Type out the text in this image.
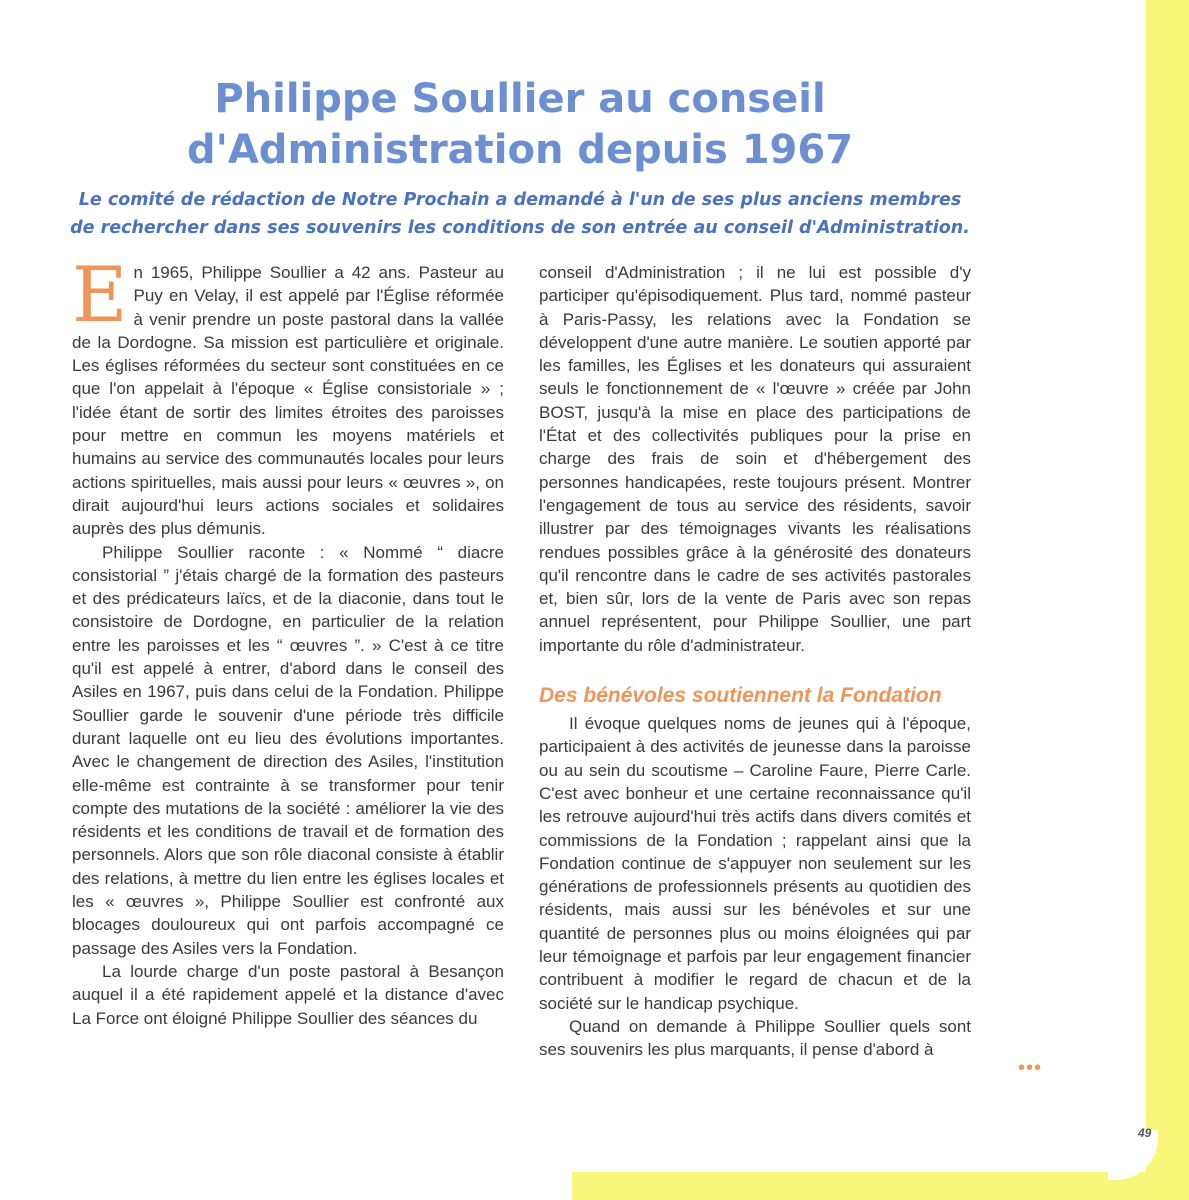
Philippe Soullier au conseil
d'Administration depuis 1967

Le comité de rédaction de Notre Prochain a demandé à l'un de ses plus anciens membres
de rechercher dans ses souvenirs les conditions de son entrée au conseil d'Administration.

En 1965, Philippe Soullier a 42 ans. Pasteur au Puy en Velay, il est appelé par l'Église réformée à venir prendre un poste pastoral dans la vallée de la Dordogne. Sa mission est particulière et originale. Les églises réformées du secteur sont constituées en ce que l'on appelait à l'époque « Église consistoriale » ; l'idée étant de sortir des limites étroites des paroisses pour mettre en commun les moyens matériels et humains au service des communautés locales pour leurs actions spirituelles, mais aussi pour leurs « œuvres », on dirait aujourd'hui leurs actions sociales et solidaires auprès des plus démunis.

Philippe Soullier raconte : « Nommé “ diacre consistorial ” j'étais chargé de la formation des pasteurs et des prédicateurs laïcs, et de la diaconie, dans tout le consistoire de Dordogne, en particulier de la relation entre les paroisses et les “ œuvres ”. » C'est à ce titre qu'il est appelé à entrer, d'abord dans le conseil des Asiles en 1967, puis dans celui de la Fondation. Philippe Soullier garde le souvenir d'une période très difficile durant laquelle ont eu lieu des évolutions importantes. Avec le changement de direction des Asiles, l'institution elle-même est contrainte à se transformer pour tenir compte des mutations de la société : améliorer la vie des résidents et les conditions de travail et de formation des personnels. Alors que son rôle diaconal consiste à établir des relations, à mettre du lien entre les églises locales et les « œuvres », Philippe Soullier est confronté aux blocages douloureux qui ont parfois accompagné ce passage des Asiles vers la Fondation.

La lourde charge d'un poste pastoral à Besançon auquel il a été rapidement appelé et la distance d'avec La Force ont éloigné Philippe Soullier des séances du

conseil d'Administration ; il ne lui est possible d'y participer qu'épisodiquement. Plus tard, nommé pasteur à Paris-Passy, les relations avec la Fondation se développent d'une autre manière. Le soutien apporté par les familles, les Églises et les donateurs qui assuraient seuls le fonctionnement de « l'œuvre » créée par John BOST, jusqu'à la mise en place des participations de l'État et des collectivités publiques pour la prise en charge des frais de soin et d'hébergement des personnes handicapées, reste toujours présent. Montrer l'engagement de tous au service des résidents, savoir illustrer par des témoignages vivants les réalisations rendues possibles grâce à la générosité des donateurs qu'il rencontre dans le cadre de ses activités pastorales et, bien sûr, lors de la vente de Paris avec son repas annuel représentent, pour Philippe Soullier, une part importante du rôle d'administrateur.

Des bénévoles soutiennent la Fondation

Il évoque quelques noms de jeunes qui à l'époque, participaient à des activités de jeunesse dans la paroisse ou au sein du scoutisme – Caroline Faure, Pierre Carle. C'est avec bonheur et une certaine reconnaissance qu'il les retrouve aujourd'hui très actifs dans divers comités et commissions de la Fondation ; rappelant ainsi que la Fondation continue de s'appuyer non seulement sur les générations de professionnels présents au quotidien des résidents, mais aussi sur les bénévoles et sur une quantité de personnes plus ou moins éloignées qui par leur témoignage et parfois par leur engagement financier contribuent à modifier le regard de chacun et de la société sur le handicap psychique.

Quand on demande à Philippe Soullier quels sont ses souvenirs les plus marquants, il pense d'abord à

•••
49
